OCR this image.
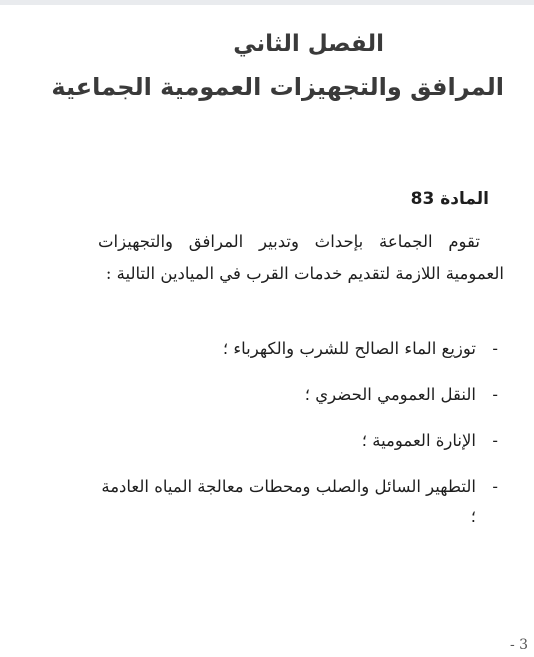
الفصل الثاني
المرافق والتجهيزات العمومية الجماعية
المادة 83

تقوم الجماعة بإحداث وتدبير المرافق والتجهيزات العمومية اللازمة لتقديم خدمات القرب في الميادين التالية :

-
توزيع الماء الصالح للشرب والكهرباء ؛
-
النقل العمومي الحضري ؛
-
الإنارة العمومية ؛
-
التطهير السائل والصلب ومحطات معالجة المياه العادمة ؛
- 3
